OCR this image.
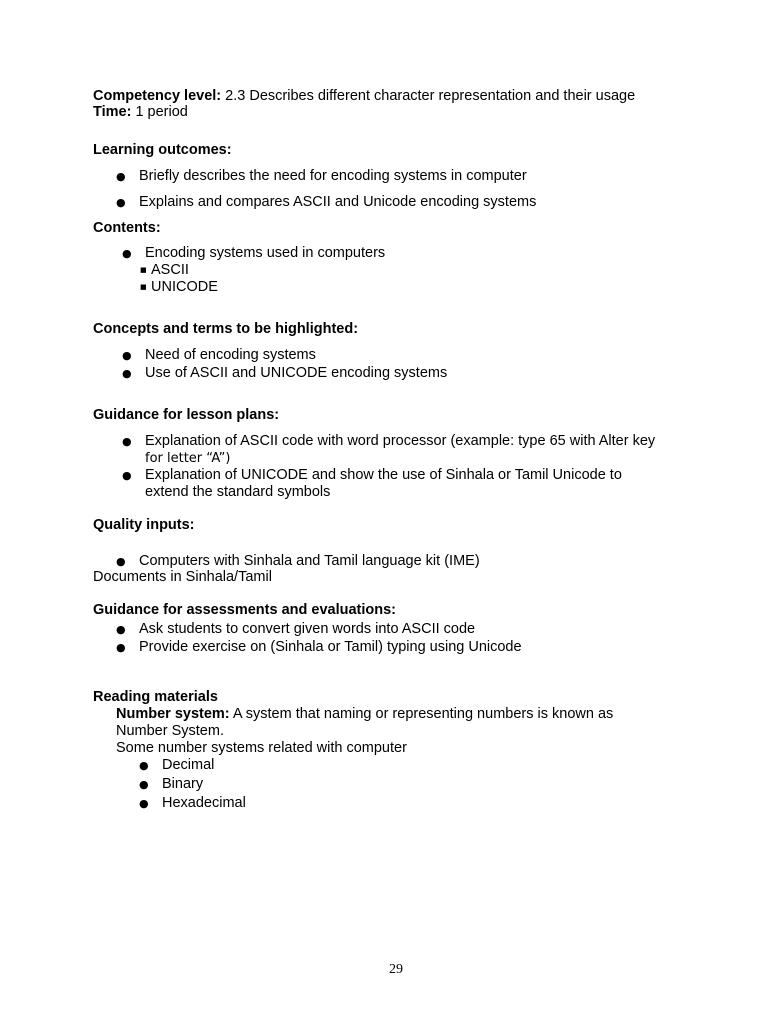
Competency level: 2.3 Describes different character representation and their usage

Time: 1 period

Learning outcomes:

● Briefly describes the need for encoding systems in computer

● Explains and compares ASCII and Unicode encoding systems

Contents:

● Encoding systems used in computers

■ ASCII

■ UNICODE

Concepts and terms to be highlighted:

● Need of encoding systems

● Use of ASCII and UNICODE encoding systems

Guidance for lesson plans:

● Explanation of ASCII code with word processor (example: type 65 with Alter key

for letter “A”)

● Explanation of UNICODE and show the use of Sinhala or Tamil Unicode to

extend the standard symbols

Quality inputs:

● Computers with Sinhala and Tamil language kit (IME)

Documents in Sinhala/Tamil

Guidance for assessments and evaluations:

● Ask students to convert given words into ASCII code

● Provide exercise on (Sinhala or Tamil) typing using Unicode

Reading materials

Number system: A system that naming or representing numbers is known as

Number System.

Some number systems related with computer

● Decimal

● Binary

● Hexadecimal

29
